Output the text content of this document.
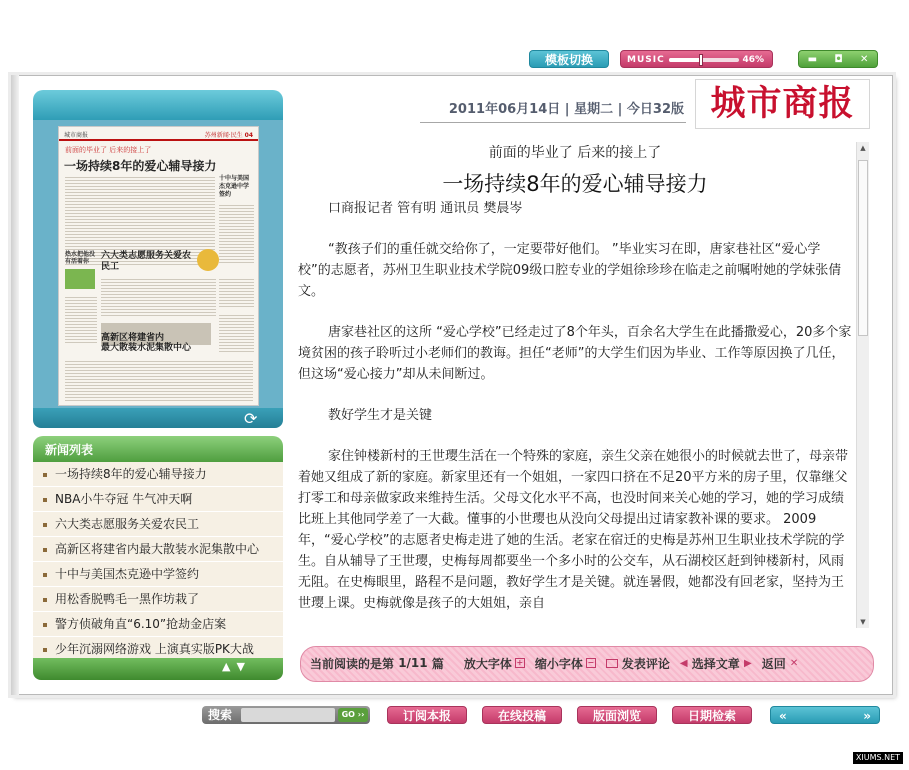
模板切换	MUSIC	46%	▬ ◘ ✕
城市商报	苏州新闻·民生 04
前面的毕业了 后来的接上了
一场持续8年的爱心辅导接力
十中与美国杰克逊中学签约
热水把他没有活着你
六大类志愿服务关爱农民工
高新区将建省内
最大散装水泥集散中心
⟳
新闻列表
一场持续8年的爱心辅导接力
NBA小牛夺冠 牛气冲天啊
六大类志愿服务关爱农民工
高新区将建省内最大散装水泥集散中心
十中与美国杰克逊中学签约
用松香脱鸭毛一黑作坊栽了
警方侦破角直“6.10”抢劫金店案
少年沉溺网络游戏 上演真实版PK大战
▲▼
2011年06月14日 | 星期二 | 今日32版 城市商报
前面的毕业了 后来的接上了
一场持续8年的爱心辅导接力

口商报记者 管有明 通讯员 樊晨岑

“教孩子们的重任就交给你了，一定要带好他们。 ”毕业实习在即，唐家巷社区“爱心学校”的志愿者，苏州卫生职业技术学院09级口腔专业的学姐徐珍珍在临走之前嘱咐她的学妹张倩文。

唐家巷社区的这所 “爱心学校”已经走过了8个年头，百余名大学生在此播撒爱心，20多个家境贫困的孩子聆听过小老师们的教诲。担任“老师”的大学生们因为毕业、工作等原因换了几任，但这场“爱心接力”却从未间断过。

教好学生才是关键

家住钟楼新村的王世璎生活在一个特殊的家庭，亲生父亲在她很小的时候就去世了，母亲带着她又组成了新的家庭。新家里还有一个姐姐，一家四口挤在不足20平方米的房子里，仅靠继父打零工和母亲做家政来维持生活。父母文化水平不高，也没时间来关心她的学习，她的学习成绩比班上其他同学差了一大截。懂事的小世璎也从没向父母提出过请家教补课的要求。 2009年，“爱心学校”的志愿者史梅走进了她的生活。老家在宿迁的史梅是苏州卫生职业技术学院的学生。自从辅导了王世璎，史梅每周都要坐一个多小时的公交车，从石湖校区赶到钟楼新村，风雨无阻。在史梅眼里，路程不是问题，教好学生才是关键。就连暑假，她都没有回老家，坚持为王世璎上课。史梅就像是孩子的大姐姐，亲自

▲
▼
当前阅读的是第
1/11
篇 放大字体 + 缩小字体 − 发表评论 ◀
选择文章
▶ 返回
✕
搜索	GO ››	订阅本报	在线投稿	版面浏览	日期检索	«	»
XIUMS.NET
